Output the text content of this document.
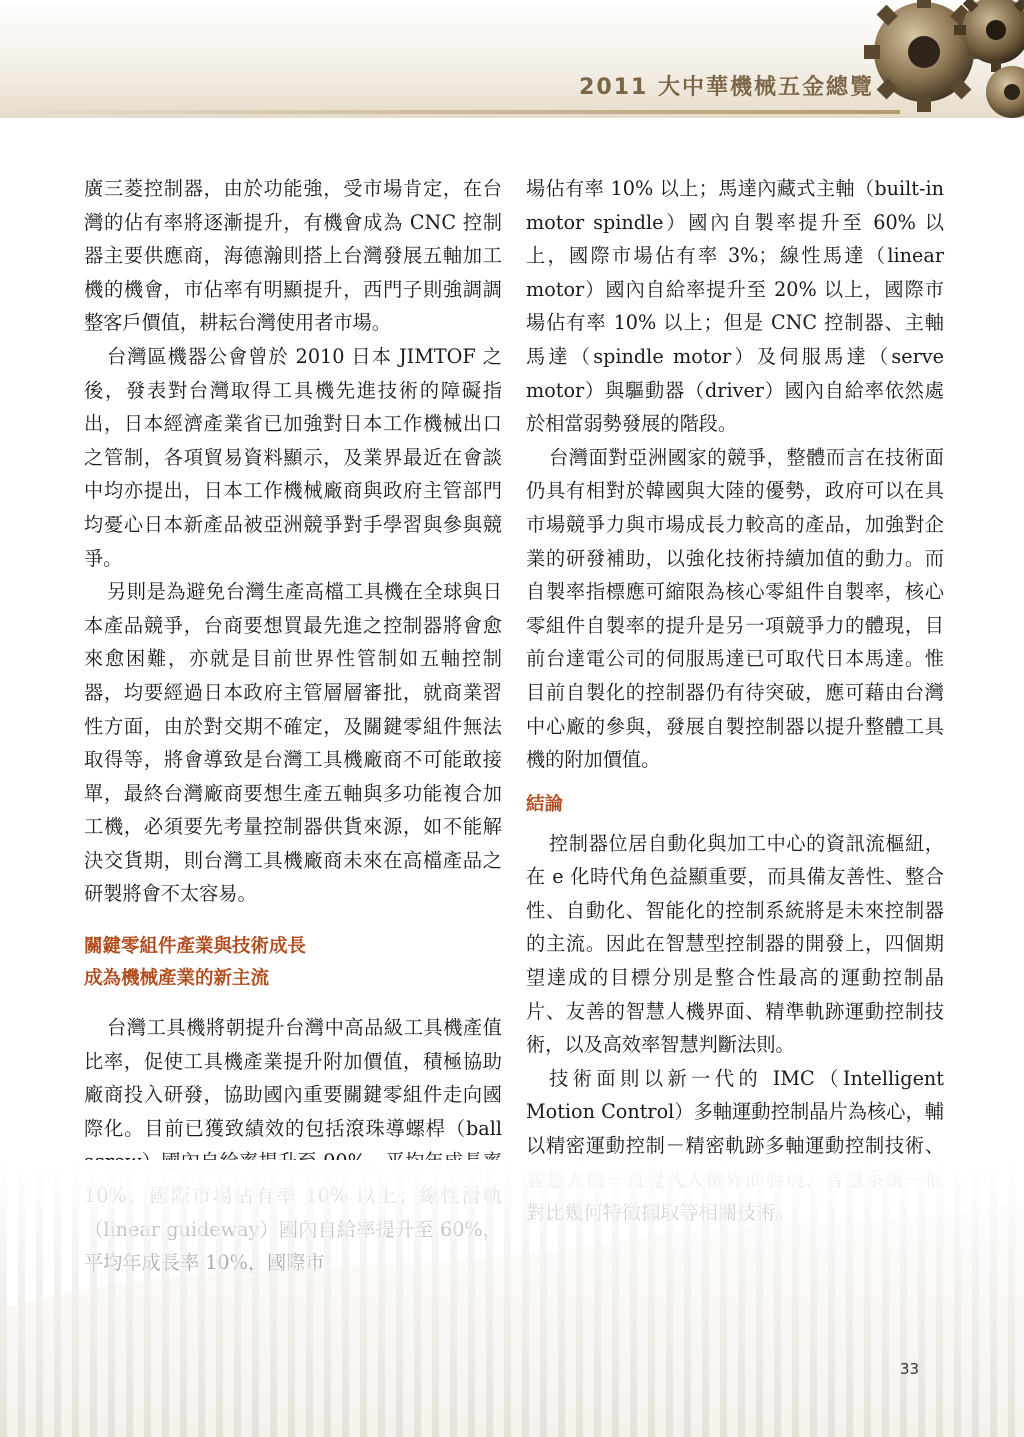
2011 大中華機械五金總覽

廣三菱控制器，由於功能強，受市場肯定，在台灣的佔有率將逐漸提升，有機會成為 CNC 控制器主要供應商，海德瀚則搭上台灣發展五軸加工機的機會，市佔率有明顯提升，西門子則強調調整客戶價值，耕耘台灣使用者市場。

台灣區機器公會曾於 2010 日本 JIMTOF 之後，發表對台灣取得工具機先進技術的障礙指出，日本經濟產業省已加強對日本工作機械出口之管制，各項貿易資料顯示，及業界最近在會談中均亦提出，日本工作機械廠商與政府主管部門均憂心日本新產品被亞洲競爭對手學習與參與競爭。

另則是為避免台灣生產高檔工具機在全球與日本產品競爭，台商要想買最先進之控制器將會愈來愈困難，亦就是目前世界性管制如五軸控制器，均要經過日本政府主管層層審批，就商業習性方面，由於對交期不確定，及關鍵零組件無法取得等，將會導致是台灣工具機廠商不可能敢接單，最終台灣廠商要想生產五軸與多功能複合加工機，必須要先考量控制器供貨來源，如不能解決交貨期，則台灣工具機廠商未來在高檔產品之研製將會不太容易。

關鍵零組件產業與技術成長

成為機械產業的新主流

台灣工具機將朝提升台灣中高品級工具機產值比率，促使工具機產業提升附加價值，積極協助廠商投入研發，協助國內重要關鍵零組件走向國際化。目前已獲致績效的包括滾珠導螺桿（ball

場佔有率 10% 以上；馬達內藏式主軸（built-in motor spindle）國內自製率提升至 60% 以上，國際市場佔有率 3%；線性馬達（linear motor）國內自給率提升至 20% 以上，國際市場佔有率 10% 以上；但是 CNC 控制器、主軸馬達（spindle motor）及伺服馬達（serve motor）與驅動器（driver）國內自給率依然處於相當弱勢發展的階段。

台灣面對亞洲國家的競爭，整體而言在技術面仍具有相對於韓國與大陸的優勢，政府可以在具市場競爭力與市場成長力較高的產品，加強對企業的研發補助，以強化技術持續加值的動力。而自製率指標應可縮限為核心零組件自製率，核心零組件自製率的提升是另一項競爭力的體現，目前台達電公司的伺服馬達已可取代日本馬達。惟目前自製化的控制器仍有待突破，應可藉由台灣中心廠的參與，發展自製控制器以提升整體工具機的附加價值。

結論

控制器位居自動化與加工中心的資訊流樞紐，在 e 化時代角色益顯重要，而具備友善性、整合性、自動化、智能化的控制系統將是未來控制器的主流。因此在智慧型控制器的開發上，四個期望達成的目標分別是整合性最高的運動控制晶片、友善的智慧人機界面、精準軌跡運動控制技術，以及高效率智慧判斷法則。

技術面則以新一代的 IMC（Intelligent Motion Control）多軸運動控制晶片為核心，輔以精密運動控制－精密軌跡多軸運動控制技術、

33
